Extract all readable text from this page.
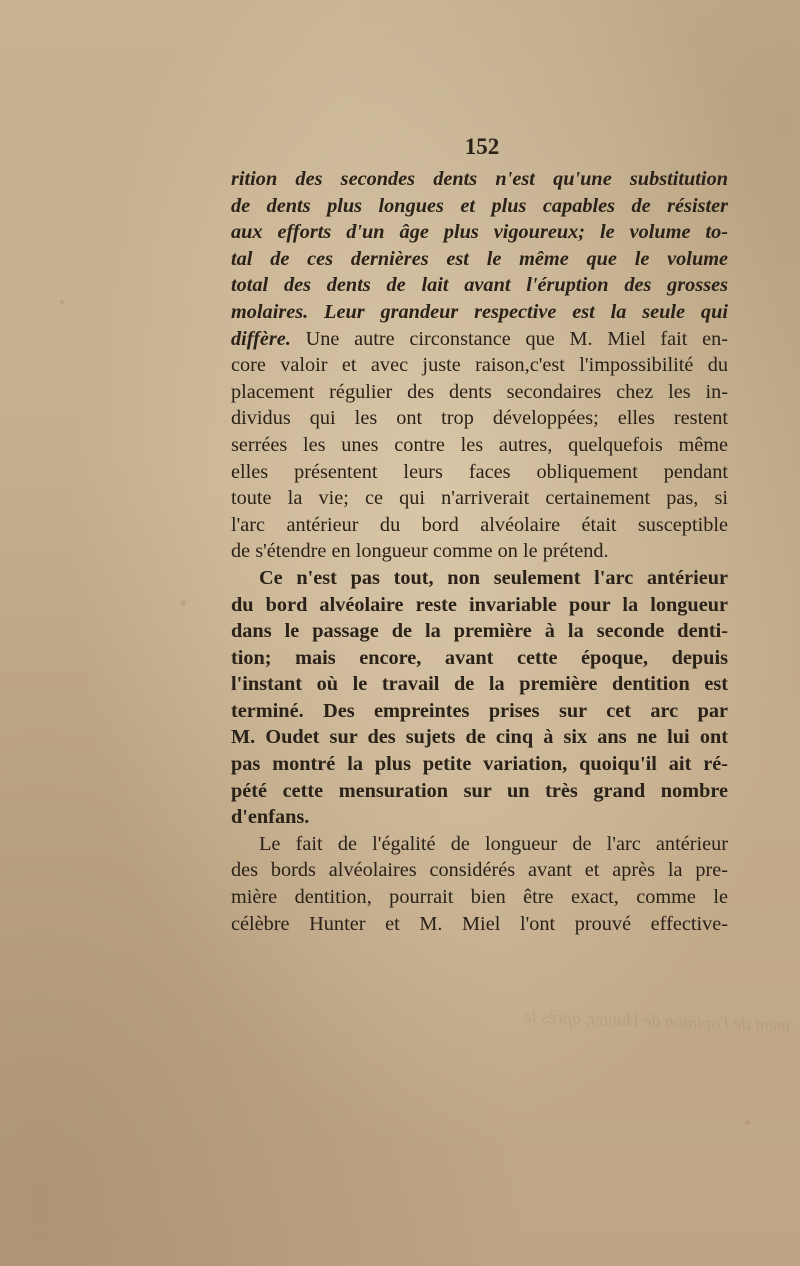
152
rition des secondes dents n'est qu'une substitution
de dents plus longues et plus capables de résister
aux efforts d'un âge plus vigoureux; le volume to-
tal de ces dernières est le même que le volume
total des dents de lait avant l'éruption des grosses
molaires. Leur grandeur respective est la seule qui
diffère. Une autre circonstance que M. Miel fait en-
core valoir et avec juste raison,c'est l'impossibilité du
placement régulier des dents secondaires chez les in-
dividus qui les ont trop développées; elles restent
serrées les unes contre les autres, quelquefois même
elles présentent leurs faces obliquement pendant
toute la vie; ce qui n'arriverait certainement pas, si
l'arc antérieur du bord alvéolaire était susceptible
de s'étendre en longueur comme on le prétend.
Ce n'est pas tout, non seulement l'arc antérieur
du bord alvéolaire reste invariable pour la longueur
dans le passage de la première à la seconde denti-
tion; mais encore, avant cette époque, depuis
l'instant où le travail de la première dentition est
terminé. Des empreintes prises sur cet arc par
M. Oudet sur des sujets de cinq à six ans ne lui ont
pas montré la plus petite variation, quoiqu'il ait ré-
pété cette mensuration sur un très grand nombre
d'enfans.
Le fait de l'égalité de longueur de l'arc antérieur
des bords alvéolaires considérés avant et après la pre-
mière dentition, pourrait bien être exact, comme le
célèbre Hunter et M. Miel l'ont prouvé effective-
ment de l'opinion de Hunter, après le
